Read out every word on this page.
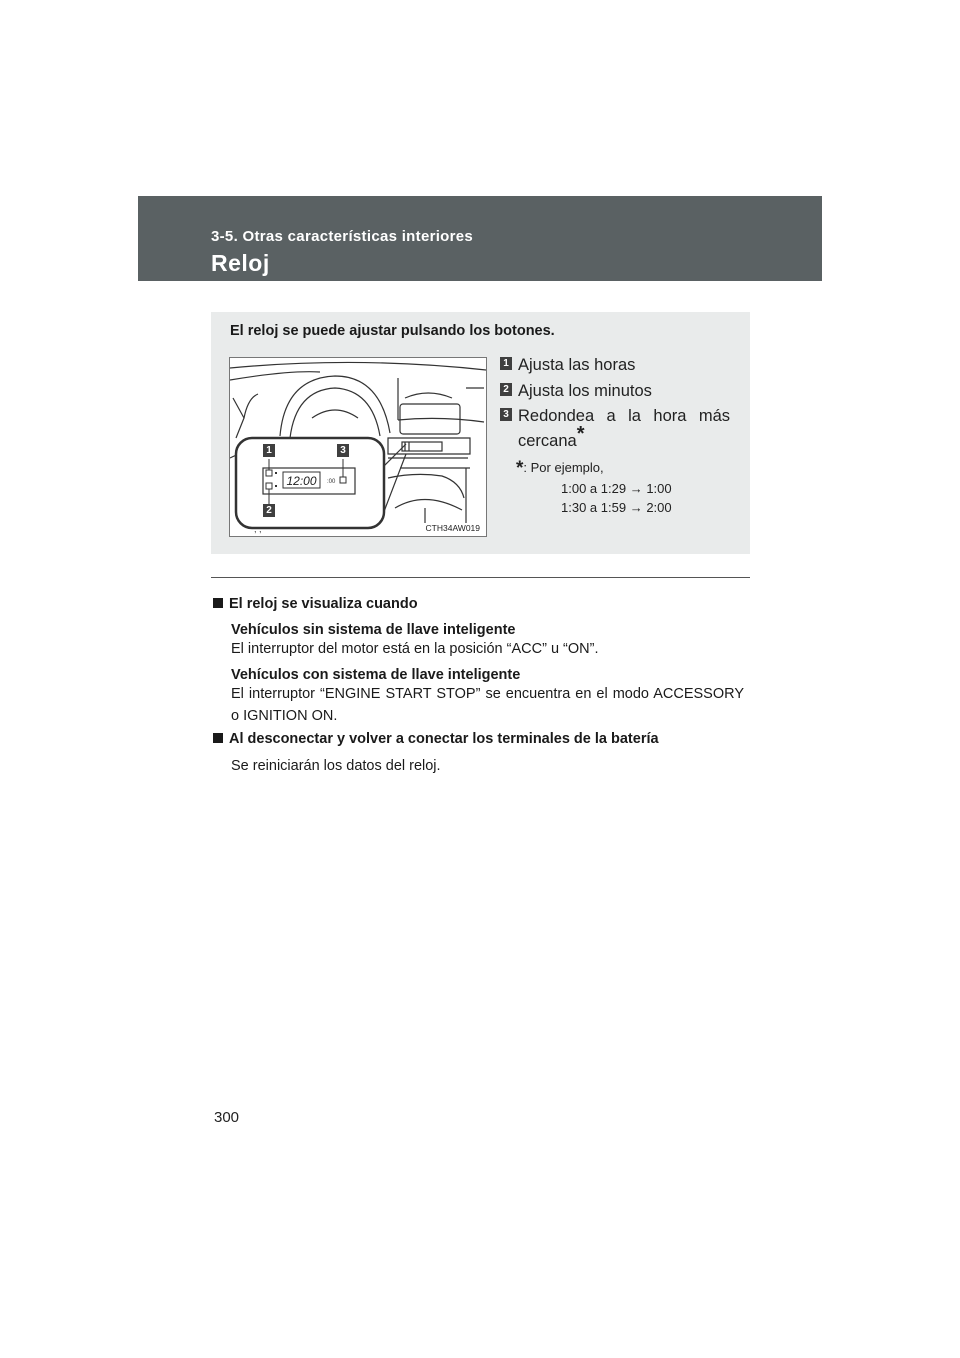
3-5. Otras características interiores
Reloj
El reloj se puede ajustar pulsando los botones.
12:00 :00
, ,
1	3
2
CTH34AW019
1 Ajusta las horas
2 Ajusta los minutos
3 Redondea a la hora más cercana*
*: Por ejemplo,
1:00 a 1:29 → 1:00
1:30 a 1:59 → 2:00
El reloj se visualiza cuando
Vehículos sin sistema de llave inteligente
El interruptor del motor está en la posición “ACC” u “ON”.
Vehículos con sistema de llave inteligente
El interruptor “ENGINE START STOP” se encuentra en el modo ACCESSORY o IGNITION ON.
Al desconectar y volver a conectar los terminales de la batería
Se reiniciarán los datos del reloj.
300
